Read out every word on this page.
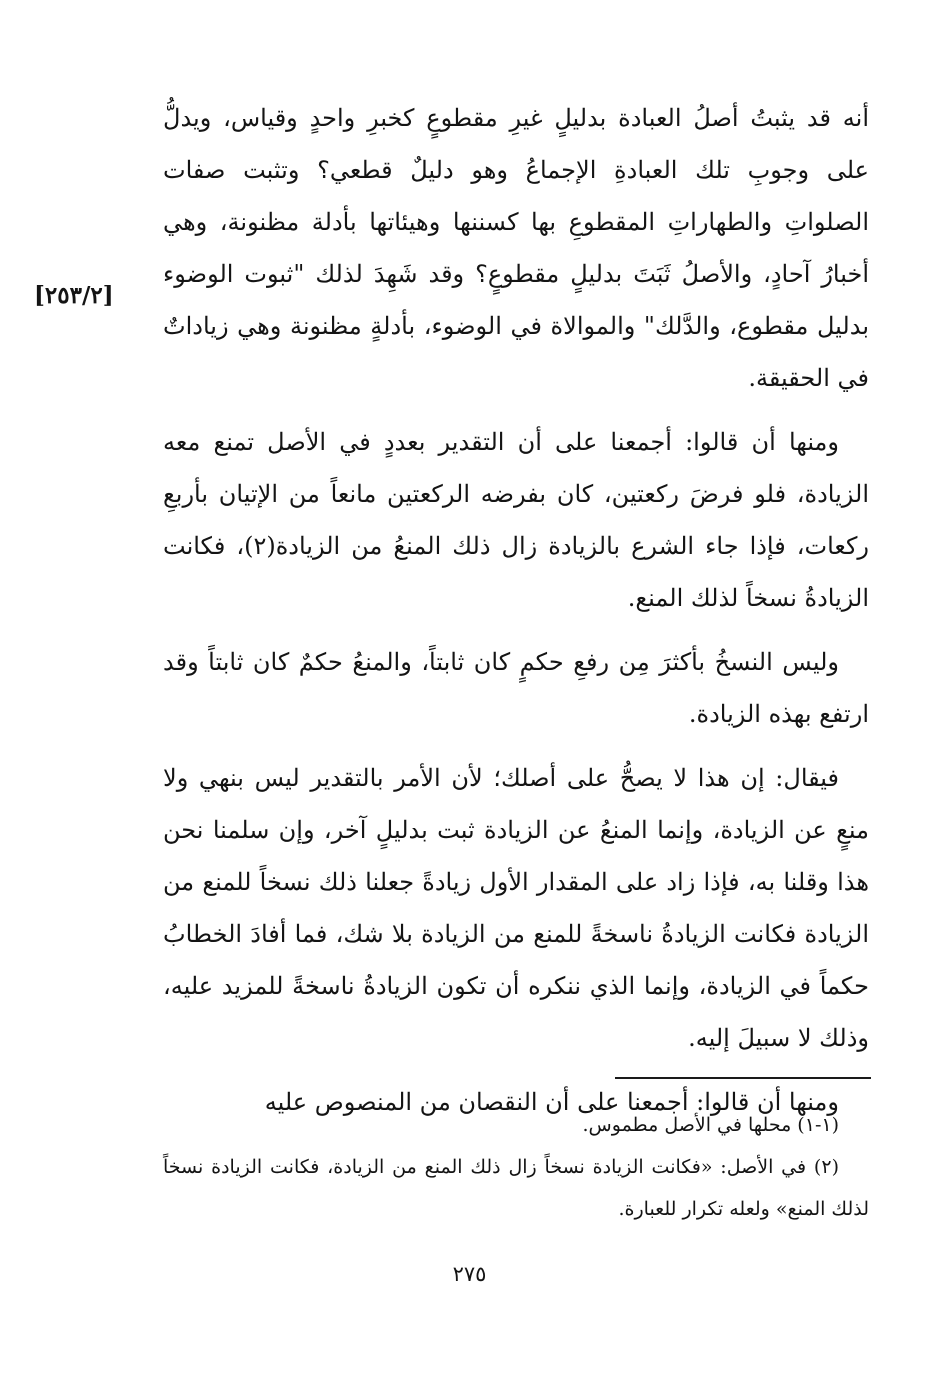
[٢٥٣/٢]

أنه قد يثبتُ أصلُ العبادة بدليلٍ غيرِ مقطوعٍ كخبرِ واحدٍ وقياس، ويدلُّ على وجوبِ تلك العبادةِ الإجماعُ وهو دليلٌ قطعي؟ وتثبت صفات الصلواتِ والطهاراتِ المقطوعِ بها كسننها وهيئاتها بأدلة مظنونة، وهي أخبارُ آحادٍ، والأصلُ ثَبَتَ بدليلٍ مقطوعٍ؟ وقد شَهِدَ لذلك "ثبوت الوضوء بدليل مقطوع، والدَّلك" والموالاة في الوضوء، بأدلةٍ مظنونة وهي زياداتٌ في الحقيقة.

ومنها أن قالوا: أجمعنا على أن التقدير بعددٍ في الأصل تمنع معه الزيادة، فلو فرضَ ركعتين، كان بفرضه الركعتين مانعاً من الإتيان بأربعِ ركعات، فإذا جاء الشرع بالزيادة زال ذلك المنعُ من الزيادة(٢)، فكانت الزيادةُ نسخاً لذلك المنع.

وليس النسخُ بأكثرَ مِن رفعِ حكمٍ كان ثابتاً، والمنعُ حكمٌ كان ثابتاً وقد ارتفع بهذه الزيادة.

فيقال: إن هذا لا يصحُّ على أصلك؛ لأن الأمر بالتقدير ليس بنهي ولا منعٍ عن الزيادة، وإنما المنعُ عن الزيادة ثبت بدليلٍ آخر، وإن سلمنا نحن هذا وقلنا به، فإذا زاد على المقدار الأول زيادةً جعلنا ذلك نسخاً للمنع من الزيادة فكانت الزيادةُ ناسخةً للمنع من الزيادة بلا شك، فما أفادَ الخطابُ حكماً في الزيادة، وإنما الذي ننكره أن تكون الزيادةُ ناسخةً للمزيد عليه، وذلك لا سبيلَ إليه.

ومنها أن قالوا: أجمعنا على أن النقصان من المنصوص عليه

(١-١) محلها في الأصل مطموس.

(٢) في الأصل: «فكانت الزيادة نسخاً زال ذلك المنع من الزيادة، فكانت الزيادة نسخاً لذلك المنع» ولعله تكرار للعبارة.

٢٧٥
